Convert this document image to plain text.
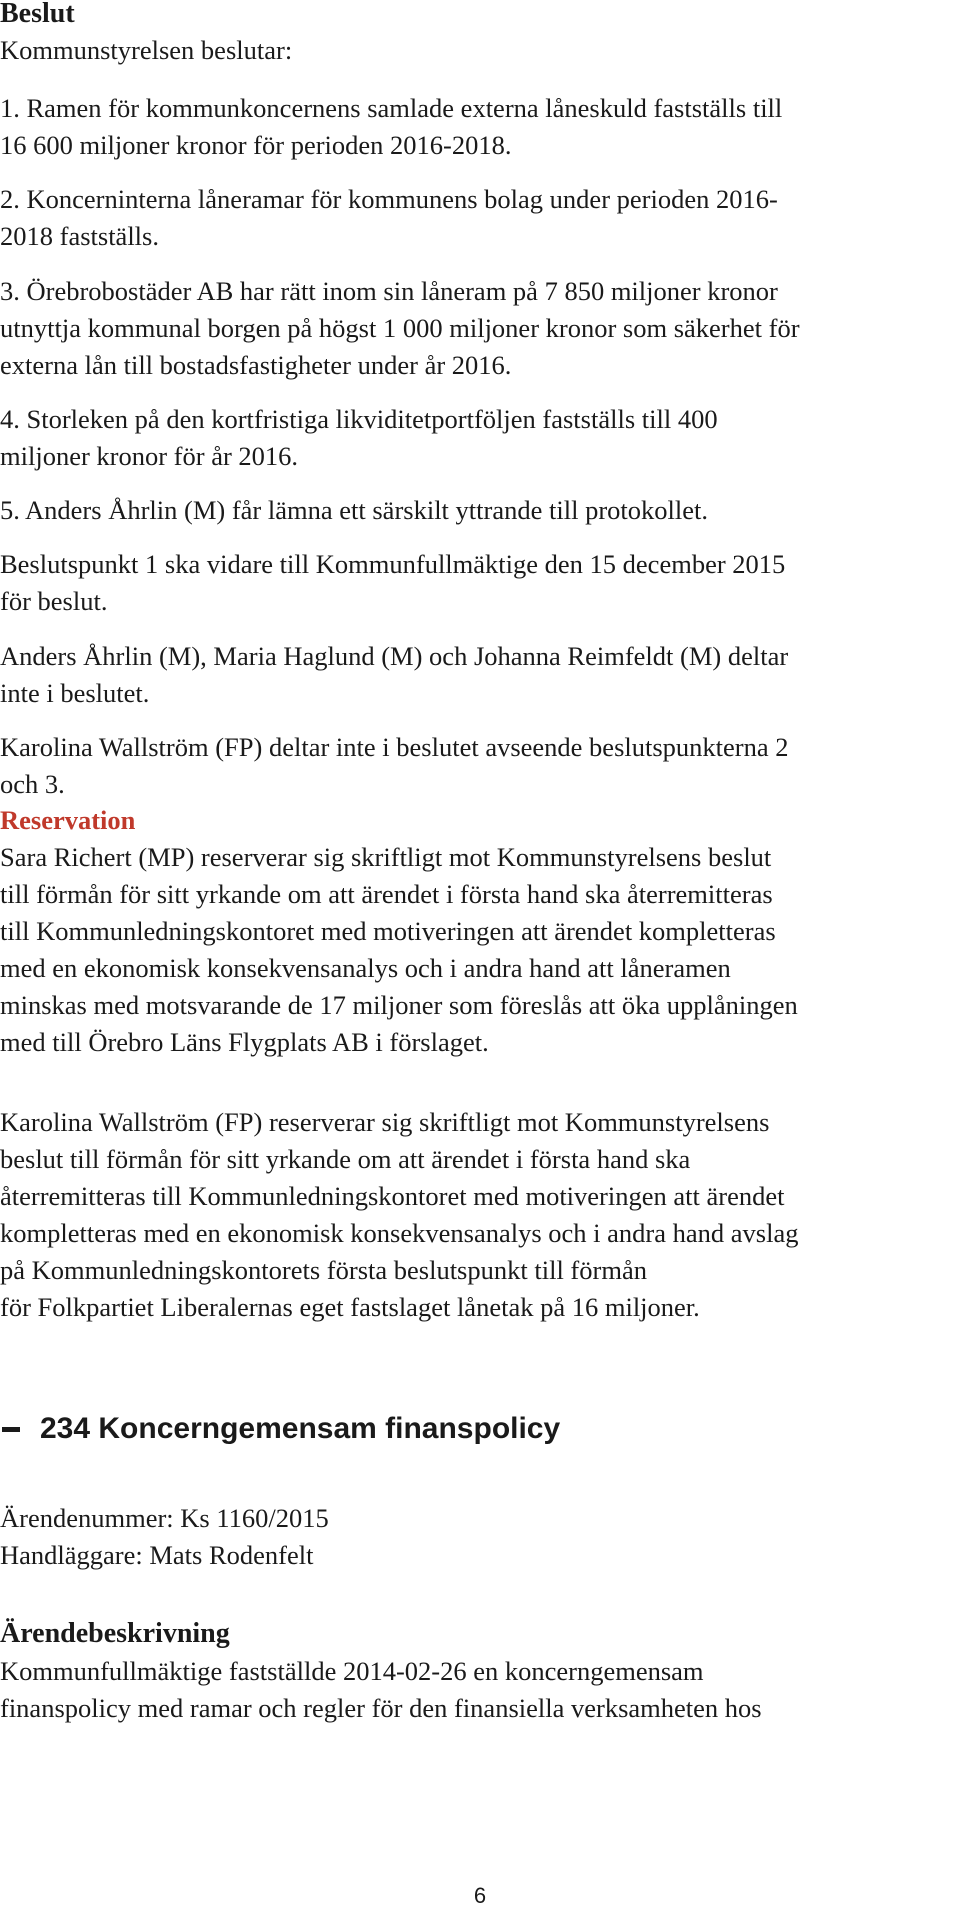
Beslut
Kommunstyrelsen beslutar:
1. Ramen för kommunkoncernens samlade externa låneskuld fastställs till
16 600 miljoner kronor för perioden 2016-2018.
2. Koncerninterna låneramar för kommunens bolag under perioden 2016-
2018 fastställs.
3. Örebrobostäder AB har rätt inom sin låneram på 7 850 miljoner kronor
utnyttja kommunal borgen på högst 1 000 miljoner kronor som säkerhet för
externa lån till bostadsfastigheter under år 2016.
4. Storleken på den kortfristiga likviditetportföljen fastställs till 400
miljoner kronor för år 2016.
5. Anders Åhrlin (M) får lämna ett särskilt yttrande till protokollet.
Beslutspunkt 1 ska vidare till Kommunfullmäktige den 15 december 2015
för beslut.
Anders Åhrlin (M), Maria Haglund (M) och Johanna Reimfeldt (M) deltar
inte i beslutet.
Karolina Wallström (FP) deltar inte i beslutet avseende beslutspunkterna 2
och 3.
Reservation
Sara Richert (MP) reserverar sig skriftligt mot Kommunstyrelsens beslut
till förmån för sitt yrkande om att ärendet i första hand ska återremitteras
till Kommunledningskontoret med motiveringen att ärendet kompletteras
med en ekonomisk konsekvensanalys och i andra hand att låneramen
minskas med motsvarande de 17 miljoner som föreslås att öka upplåningen
med till Örebro Läns Flygplats AB i förslaget.
Karolina Wallström (FP) reserverar sig skriftligt mot Kommunstyrelsens
beslut till förmån för sitt yrkande om att ärendet i första hand ska
återremitteras till Kommunledningskontoret med motiveringen att ärendet
kompletteras med en ekonomisk konsekvensanalys och i andra hand avslag
på Kommunledningskontorets första beslutspunkt till förmån
för Folkpartiet Liberalernas eget fastslaget lånetak på 16 miljoner.
234 Koncerngemensam finanspolicy
Ärendenummer: Ks 1160/2015
Handläggare: Mats Rodenfelt
Ärendebeskrivning
Kommunfullmäktige fastställde 2014-02-26 en koncerngemensam
finanspolicy med ramar och regler för den finansiella verksamheten hos
6
